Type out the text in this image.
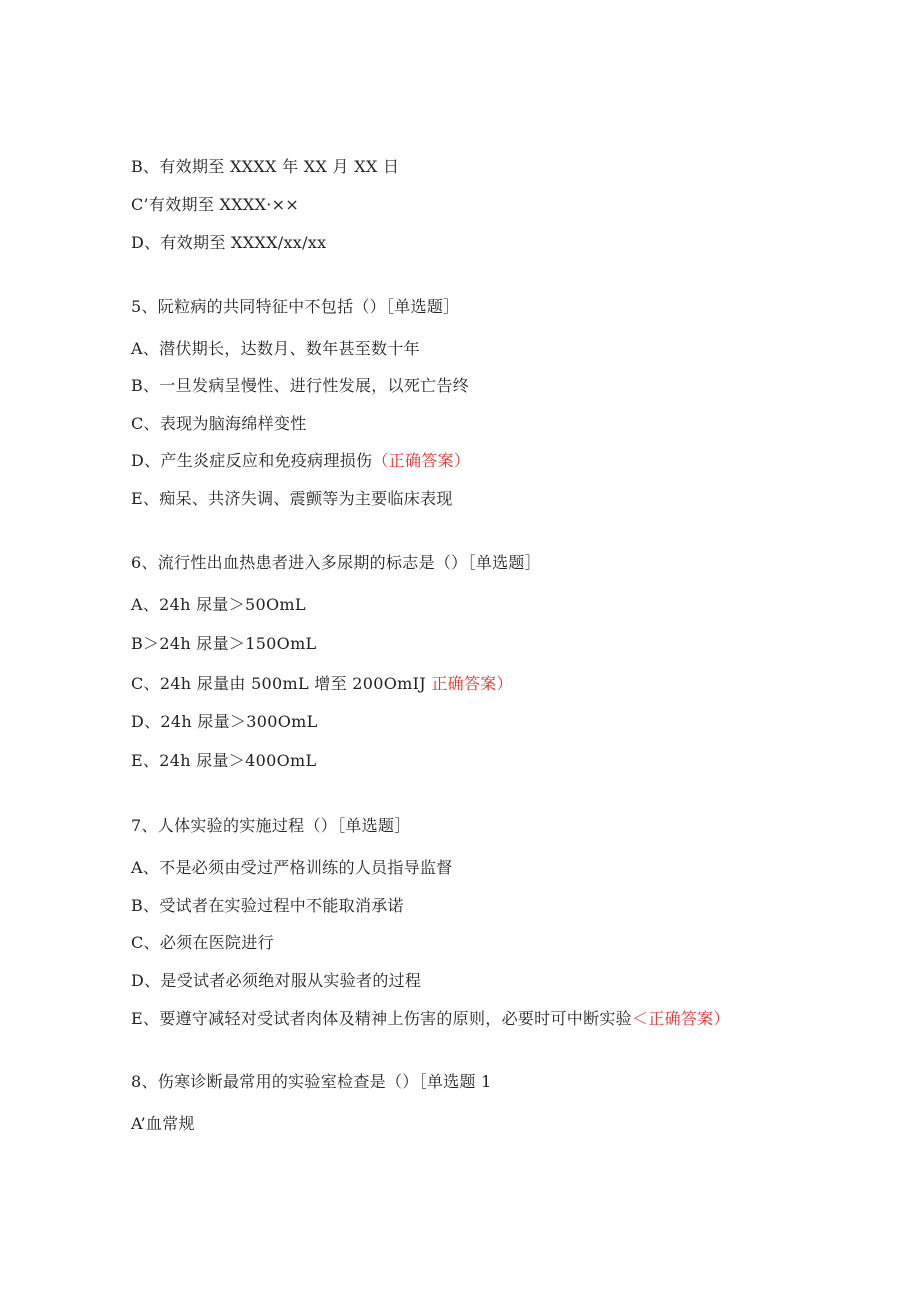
B、有效期至 XXXX 年 XX 月 XX 日
C’有效期至 XXXX·××
D、有效期至 XXXX/xx/xx
5、阮粒病的共同特征中不包括（）［单选题］
A、潜伏期长，达数月、数年甚至数十年
B、一旦发病呈慢性、进行性发展，以死亡告终
C、表现为脑海绵样变性
D、产生炎症反应和免疫病理损伤（正确答案）
E、痴呆、共济失调、震颤等为主要临床表现
6、流行性出血热患者进入多尿期的标志是（）［单选题］
A、24h 尿量＞50OmL
B＞24h 尿量＞150OmL
C、24h 尿量由 500mL 增至 200OmIJ 正确答案）
D、24h 尿量＞300OmL
E、24h 尿量＞400OmL
7、人体实验的实施过程（）［单选题］
A、不是必须由受过严格训练的人员指导监督
B、受试者在实验过程中不能取消承诺
C、必须在医院进行
D、是受试者必须绝对服从实验者的过程
E、要遵守减轻对受试者肉体及精神上伤害的原则，必要时可中断实验＜正确答案）
8、伤寒诊断最常用的实验室检查是（）［单选题 1
A’血常规
